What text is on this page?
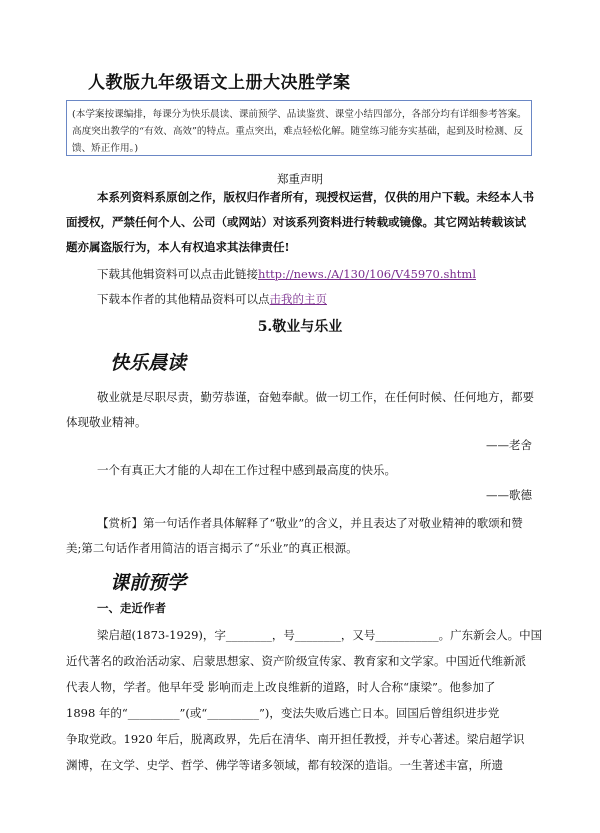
人教版九年级语文上册大决胜学案
(本学案按课编排，每课分为快乐晨读、课前预学、品读鉴赏、课堂小结四部分，各部分均有详细参考答案。
高度突出教学的“有效、高效”的特点。重点突出，难点轻松化解。随堂练习能夯实基础，起到及时检测、反
馈、矫正作用。)
郑重声明
本系列资料系原创之作，版权归作者所有，现授权运营，仅供的用户下载。未经本人书
面授权，严禁任何个人、公司（或网站）对该系列资料进行转载或镜像。其它网站转载该试
题亦属盗版行为，本人有权追求其法律责任!
下载其他辑资料可以点击此链接http://news./A/130/106/V45970.shtml
下载本作者的其他精品资料可以点击我的主页
5.敬业与乐业
快乐晨读
敬业就是尽职尽责，勤劳恭谨，奋勉奉献。做一切工作，在任何时候、任何地方，都要
体现敬业精神。
——老舍
一个有真正大才能的人却在工作过程中感到最高度的快乐。
——歌德
【赏析】第一句话作者具体解释了“敬业”的含义，并且表达了对敬业精神的歌颂和赞
美;第二句话作者用简洁的语言揭示了“乐业”的真正根源。
课前预学
一、走近作者
梁启超(1873-1929)，字________，号________，又号___________。广东新会人。中国
近代著名的政治活动家、启蒙思想家、资产阶级宣传家、教育家和文学家。中国近代维新派
代表人物，学者。他早年受 影响而走上改良维新的道路，时人合称“康梁”。他参加了
1898 年的“_________”(或“_________”)，变法失败后逃亡日本。回国后曾组织进步党
争取党政。1920 年后，脱离政界，先后在清华、南开担任教授，并专心著述。梁启超学识
渊博，在文学、史学、哲学、佛学等诸多领域，都有较深的造诣。一生著述丰富，所遗
